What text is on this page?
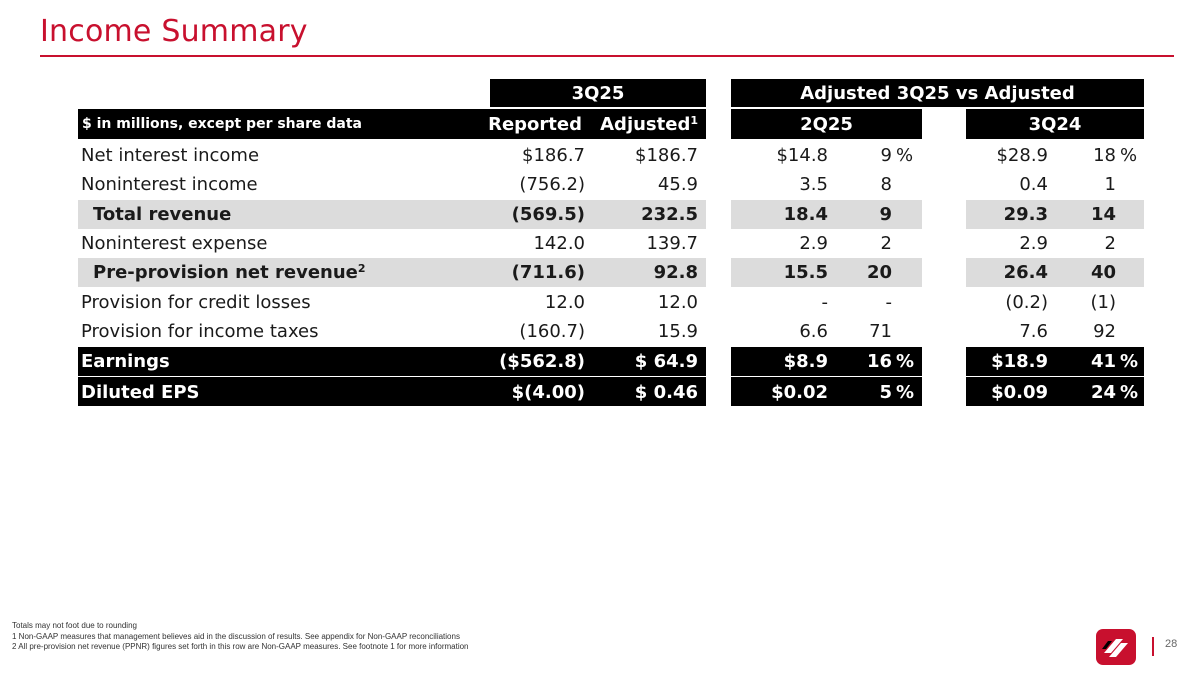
Income Summary
3Q25	Adjusted 3Q25 vs Adjusted
$ in millions, except per share data	Reported Adjusted$^1$	2Q25	3Q24
Net interest income	$186.7	$186.7	$14.8	9 %	$28.9	18 %
Noninterest income	(756.2)	45.9	3.5	8	0.4	1
Total revenue	(569.5)	232.5	18.4	9	29.3	14
Noninterest expense	142.0	139.7	2.9	2	2.9	2
Pre-provision net revenue$^2$	(711.6)	92.8	15.5	20	26.4	40
Provision for credit losses	12.0	12.0	-	-	(0.2)	(1)
Provision for income taxes	(160.7)	15.9	6.6	71	7.6	92
Earnings	($562.8)	$ 64.9	$8.9	16 %	$18.9	41 %
Diluted EPS	$(4.00)	$ 0.46	$0.02	5 %	$0.09	24 %
Totals may not foot due to rounding
1 Non-GAAP measures that management believes aid in the discussion of results. See appendix for Non-GAAP reconciliations
2 All pre-provision net revenue (PPNR) figures set forth in this row are Non-GAAP measures. See footnote 1 for more information	28
